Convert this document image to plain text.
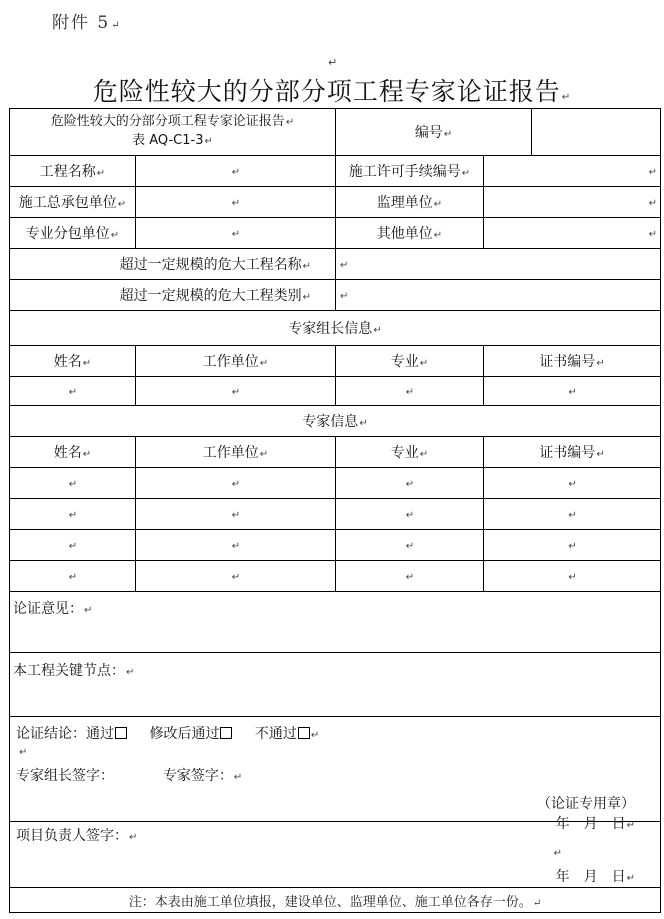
附件 5↵
↵
危险性较大的分部分项工程专家论证报告↵
危险性较大的分部分项工程专家论证报告↵
表 AQ-C1-3↵		编号↵		
工程名称↵	↵	施工许可手续编号↵	↵	
施工总承包单位↵	↵	监理单位↵	↵	
专业分包单位↵	↵	其他单位↵	↵	
超过一定规模的危大工程名称↵		↵		
超过一定规模的危大工程类别↵		↵		
专家组长信息↵				
姓名↵	工作单位↵	专业↵	证书编号↵	
↵	↵	↵	↵	
专家信息↵				
姓名↵	工作单位↵	专业↵	证书编号↵	
↵	↵	↵	↵	
↵	↵	↵	↵	
↵	↵	↵	↵	
↵	↵	↵	↵	
论证意见：↵				
本工程关键节点：↵				

论证结论：通过 修改后通过 不通过 ↵
↵
专家组长签字： 专家签字：↵
（论证专用章）
年　月　日↵				

项目负责人签字：↵
↵
年　月　日↵				

注：本表由施工单位填报，建设单位、监理单位、施工单位各存一份。↵				
